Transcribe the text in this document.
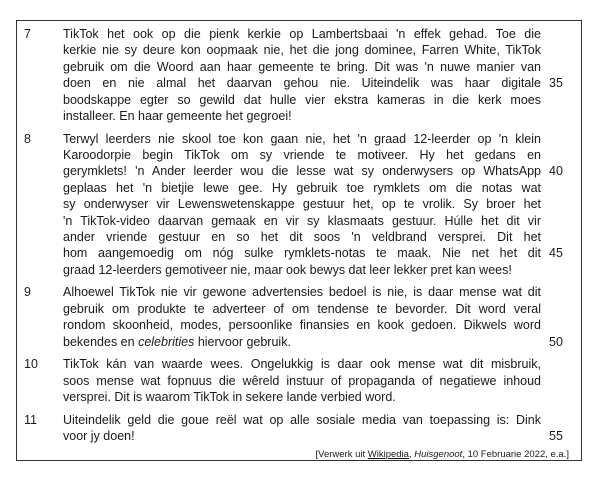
7	TikTok het ook op die pienk kerkie op Lambertsbaai 'n effek gehad. Toe die
kerkie nie sy deure kon oopmaak nie, het die jong dominee, Farren White, TikTok
gebruik om die Woord aan haar gemeente te bring. Dit was 'n nuwe manier van
doen en nie almal het daarvan gehou nie. Uiteindelik was haar digitale 35
boodskappe egter so gewild dat hulle vier ekstra kameras in die kerk moes
installeer. En haar gemeente het gegroei!
8	Terwyl leerders nie skool toe kon gaan nie, het 'n graad 12-leerder op 'n klein
Karoodorpie begin TikTok om sy vriende te motiveer. Hy het gedans en
gerymklets! 'n Ander leerder wou die lesse wat sy onderwysers op WhatsApp 40
geplaas het 'n bietjie lewe gee. Hy gebruik toe rymklets om die notas wat
sy onderwyser vir Lewenswetenskappe gestuur het, op te vrolik. Sy broer het
'n TikTok-video daarvan gemaak en vir sy klasmaats gestuur. Húlle het dit vir
ander vriende gestuur en so het dit soos 'n veldbrand versprei. Dit het
hom aangemoedig om nóg sulke rymklets-notas te maak. Nie net het dit 45
graad 12-leerders gemotiveer nie, maar ook bewys dat leer lekker pret kan wees!
9	Alhoewel TikTok nie vir gewone advertensies bedoel is nie, is daar mense wat dit
gebruik om produkte te adverteer of om tendense te bevorder. Dit word veral
rondom skoonheid, modes, persoonlike finansies en kook gedoen. Dikwels word
bekendes en celebrities hiervoor gebruik.	50
10 TikTok kán van waarde wees. Ongelukkig is daar ook mense wat dit misbruik,
soos mense wat fopnuus die wêreld instuur of propaganda of negatiewe inhoud
versprei. Dit is waarom TikTok in sekere lande verbied word.
11 Uiteindelik geld die goue reël wat op alle sosiale media van toepassing is: Dink
voor jy doen!	55
[Verwerk uit Wikipedia, Huisgenoot, 10 Februarie 2022, e.a.]
